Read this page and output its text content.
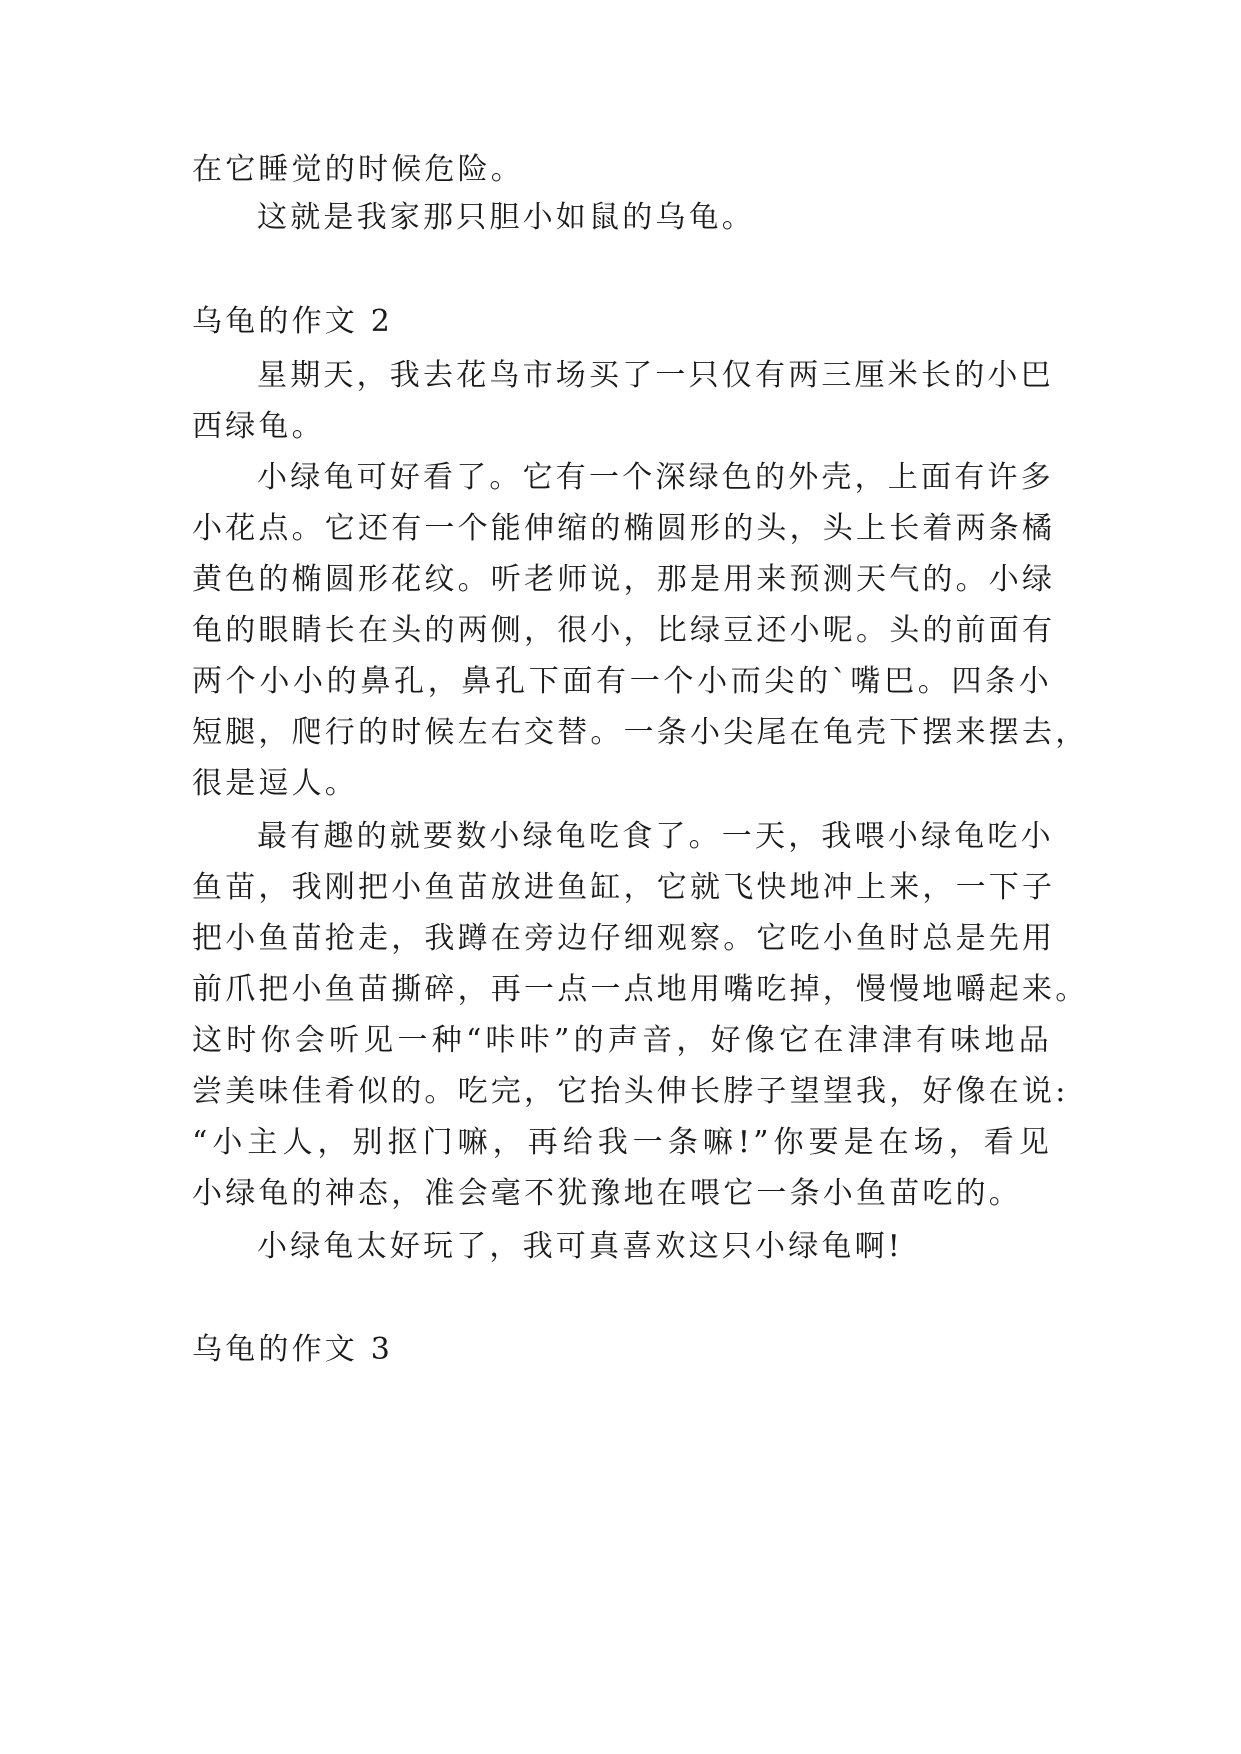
在它睡觉的时候危险。
这就是我家那只胆小如鼠的乌龟。
乌龟的作文 2
星期天，我去花鸟市场买了一只仅有两三厘米长的小巴
西绿龟。
小绿龟可好看了。它有一个深绿色的外壳，上面有许多
小花点。它还有一个能伸缩的椭圆形的头，头上长着两条橘
黄色的椭圆形花纹。听老师说，那是用来预测天气的。小绿
龟的眼睛长在头的两侧，很小，比绿豆还小呢。头的前面有
两个小小的鼻孔，鼻孔下面有一个小而尖的`嘴巴。四条小
短腿，爬行的时候左右交替。一条小尖尾在龟壳下摆来摆去，
很是逗人。
最有趣的就要数小绿龟吃食了。一天，我喂小绿龟吃小
鱼苗，我刚把小鱼苗放进鱼缸，它就飞快地冲上来，一下子
把小鱼苗抢走，我蹲在旁边仔细观察。它吃小鱼时总是先用
前爪把小鱼苗撕碎，再一点一点地用嘴吃掉，慢慢地嚼起来。
这时你会听见一种“咔咔”的声音，好像它在津津有味地品
尝美味佳肴似的。吃完，它抬头伸长脖子望望我，好像在说:
“小主人，别抠门嘛，再给我一条嘛!”你要是在场，看见
小绿龟的神态，准会毫不犹豫地在喂它一条小鱼苗吃的。
小绿龟太好玩了，我可真喜欢这只小绿龟啊!
乌龟的作文 3
